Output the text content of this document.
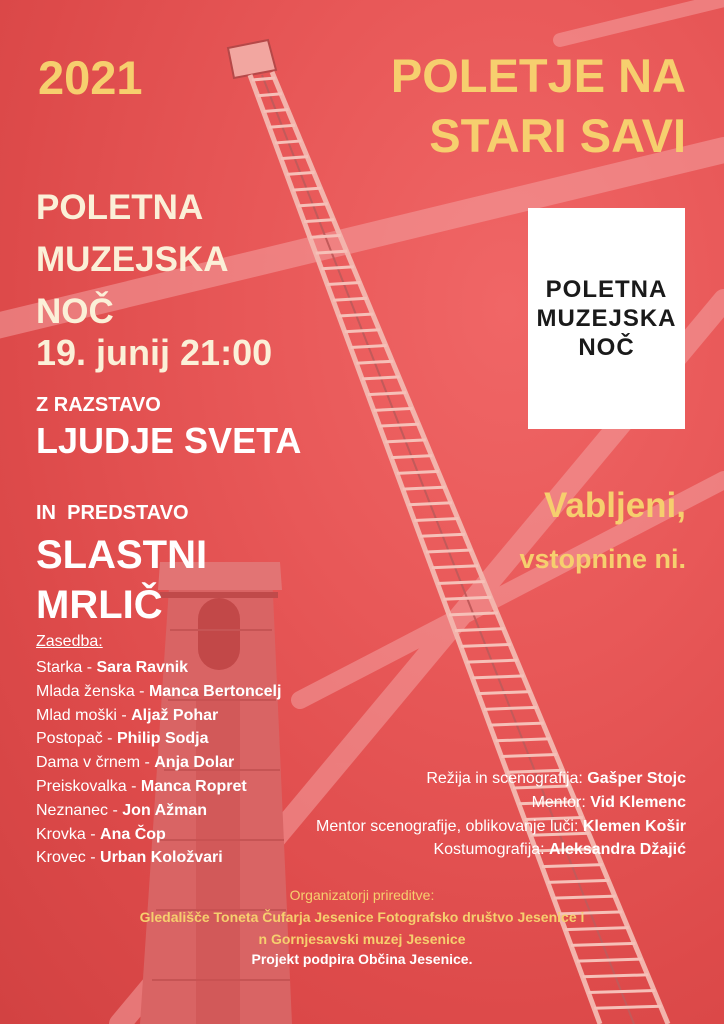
2021	POLETJE NA
STARI SAVI
POLETNA
MUZEJSKA
NOČ
19. junij 21:00
Z RAZSTAVO
LJUDJE SVETA
IN  PREDSTAVO
SLASTNI
MRLIČ
POLETNA
MUZEJSKA
NOČ
Vabljeni,
vstopnine ni.
Zasedba:
Starka - Sara Ravnik
Mlada ženska - Manca Bertoncelj
Mlad moški - Aljaž Pohar
Postopač - Philip Sodja
Dama v črnem - Anja Dolar
Preiskovalka - Manca Ropret
Neznanec - Jon Ažman
Krovka - Ana Čop
Krovec - Urban Koložvari
Režija in scenografija: Gašper Stojc
Mentor: Vid Klemenc
Mentor scenografije, oblikovanje luči: Klemen Košir
Kostumografija: Aleksandra Džajić
Organizatorji prireditve:
Gledališče Toneta Čufarja Jesenice Fotografsko društvo Jesenice i
n Gornjesavski muzej Jesenice
Projekt podpira Občina Jesenice.
